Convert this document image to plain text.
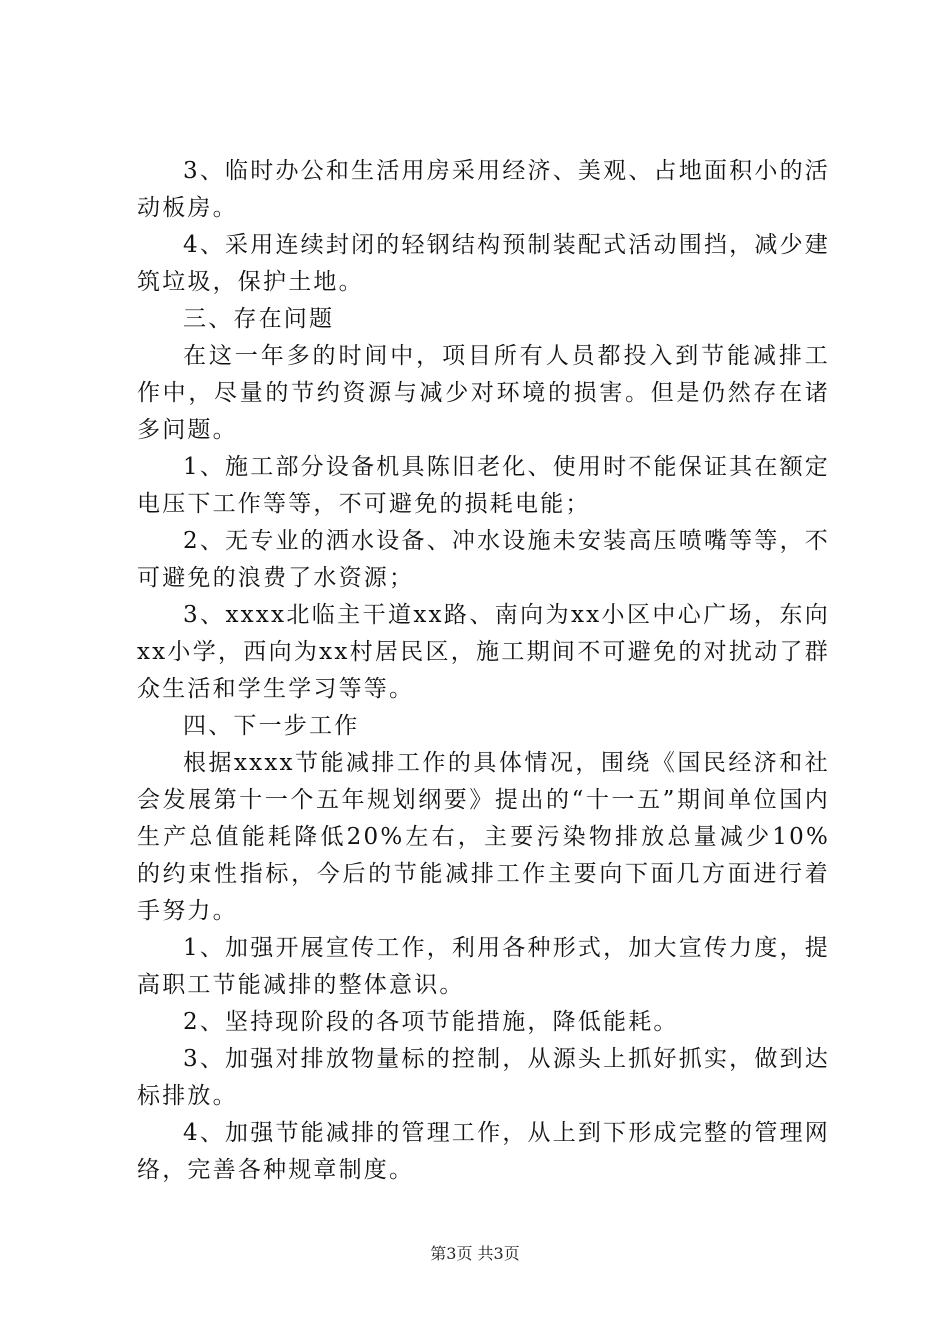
3、临时办公和生活用房采用经济、美观、占地面积小的活动板房。

4、采用连续封闭的轻钢结构预制装配式活动围挡，减少建筑垃圾，保护土地。

三、存在问题

在这一年多的时间中，项目所有人员都投入到节能减排工作中，尽量的节约资源与减少对环境的损害。但是仍然存在诸多问题。

1、施工部分设备机具陈旧老化、使用时不能保证其在额定电压下工作等等，不可避免的损耗电能；

2、无专业的洒水设备、冲水设施未安装高压喷嘴等等，不可避免的浪费了水资源；

3、xxxx北临主干道xx路、南向为xx小区中心广场，东向xx小学，西向为xx村居民区，施工期间不可避免的对扰动了群众生活和学生学习等等。

四、下一步工作

根据xxxx节能减排工作的具体情况，围绕《国民经济和社会发展第十一个五年规划纲要》提出的“十一五”期间单位国内生产总值能耗降低20%左右，主要污染物排放总量减少10%的约束性指标，今后的节能减排工作主要向下面几方面进行着手努力。

1、加强开展宣传工作，利用各种形式，加大宣传力度，提高职工节能减排的整体意识。

2、坚持现阶段的各项节能措施，降低能耗。

3、加强对排放物量标的控制，从源头上抓好抓实，做到达标排放。

4、加强节能减排的管理工作，从上到下形成完整的管理网络，完善各种规章制度。

第3页 共3页
